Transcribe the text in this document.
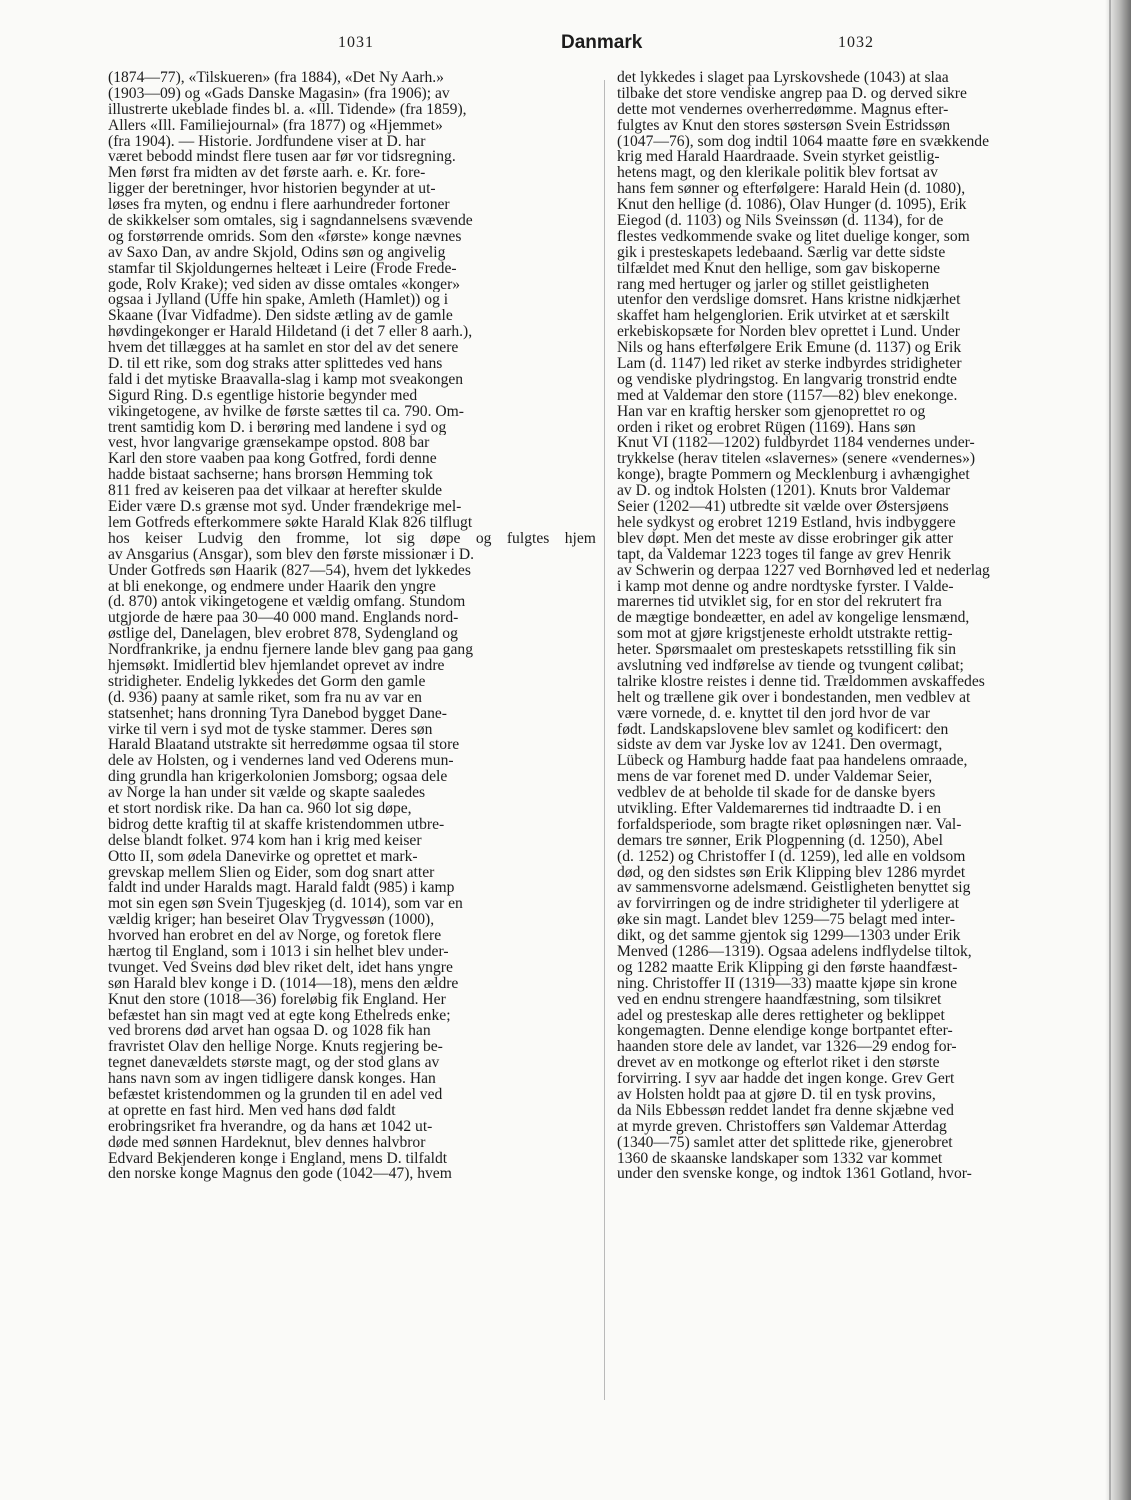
1031	Danmark	1032
(1874—77), «Tilskueren» (fra 1884), «Det Ny Aarh.»
(1903—09) og «Gads Danske Magasin» (fra 1906); av
illustrerte ukeblade findes bl. a. «Ill. Tidende» (fra 1859),
Allers «Ill. Familiejournal» (fra 1877) og «Hjemmet»
(fra 1904). — Historie. Jordfundene viser at D. har
været bebodd mindst flere tusen aar før vor tidsregning.
Men først fra midten av det første aarh. e. Kr. fore-
ligger der beretninger, hvor historien begynder at ut-
løses fra myten, og endnu i flere aarhundreder fortoner
de skikkelser som omtales, sig i sagndannelsens svævende
og forstørrende omrids. Som den «første» konge nævnes
av Saxo Dan, av andre Skjold, Odins søn og angivelig
stamfar til Skjoldungernes helteæt i Leire (Frode Frede-
gode, Rolv Krake); ved siden av disse omtales «konger»
ogsaa i Jylland (Uffe hin spake, Amleth (Hamlet)) og i
Skaane (Ivar Vidfadme). Den sidste ætling av de gamle
høvdingekonger er Harald Hildetand (i det 7 eller 8 aarh.),
hvem det tillægges at ha samlet en stor del av det senere
D. til ett rike, som dog straks atter splittedes ved hans
fald i det mytiske Braavalla-slag i kamp mot sveakongen
Sigurd Ring. D.s egentlige historie begynder med
vikingetogene, av hvilke de første sættes til ca. 790. Om-
trent samtidig kom D. i berøring med landene i syd og
vest, hvor langvarige grænsekampe opstod. 808 bar
Karl den store vaaben paa kong Gotfred, fordi denne
hadde bistaat sachserne; hans brorsøn Hemming tok
811 fred av keiseren paa det vilkaar at herefter skulde
Eider være D.s grænse mot syd. Under frændekrige mel-
lem Gotfreds efterkommere søkte Harald Klak 826 tilflugt
hos keiser Ludvig den fromme, lot sig døpe og fulgtes hjem
av Ansgarius (Ansgar), som blev den første missionær i D.
Under Gotfreds søn Haarik (827—54), hvem det lykkedes
at bli enekonge, og endmere under Haarik den yngre
(d. 870) antok vikingetogene et vældig omfang. Stundom
utgjorde de hære paa 30—40 000 mand. Englands nord-
østlige del, Danelagen, blev erobret 878, Sydengland og
Nordfrankrike, ja endnu fjernere lande blev gang paa gang
hjemsøkt. Imidlertid blev hjemlandet oprevet av indre
stridigheter. Endelig lykkedes det Gorm den gamle
(d. 936) paany at samle riket, som fra nu av var en
statsenhet; hans dronning Tyra Danebod bygget Dane-
virke til vern i syd mot de tyske stammer. Deres søn
Harald Blaatand utstrakte sit herredømme ogsaa til store
dele av Holsten, og i vendernes land ved Oderens mun-
ding grundla han krigerkolonien Jomsborg; ogsaa dele
av Norge la han under sit vælde og skapte saaledes
et stort nordisk rike. Da han ca. 960 lot sig døpe,
bidrog dette kraftig til at skaffe kristendommen utbre-
delse blandt folket. 974 kom han i krig med keiser
Otto II, som ødela Danevirke og oprettet et mark-
grevskap mellem Slien og Eider, som dog snart atter
faldt ind under Haralds magt. Harald faldt (985) i kamp
mot sin egen søn Svein Tjugeskjeg (d. 1014), som var en
vældig kriger; han beseiret Olav Trygvessøn (1000),
hvorved han erobret en del av Norge, og foretok flere
hærtog til England, som i 1013 i sin helhet blev under-
tvunget. Ved Sveins død blev riket delt, idet hans yngre
søn Harald blev konge i D. (1014—18), mens den ældre
Knut den store (1018—36) foreløbig fik England. Her
befæstet han sin magt ved at egte kong Ethelreds enke;
ved brorens død arvet han ogsaa D. og 1028 fik han
fravristet Olav den hellige Norge. Knuts regjering be-
tegnet danevældets største magt, og der stod glans av
hans navn som av ingen tidligere dansk konges. Han
befæstet kristendommen og la grunden til en adel ved
at oprette en fast hird. Men ved hans død faldt
erobringsriket fra hverandre, og da hans æt 1042 ut-
døde med sønnen Hardeknut, blev dennes halvbror
Edvard Bekjenderen konge i England, mens D. tilfaldt
den norske konge Magnus den gode (1042—47), hvem
det lykkedes i slaget paa Lyrskovshede (1043) at slaa
tilbake det store vendiske angrep paa D. og derved sikre
dette mot vendernes overherredømme. Magnus efter-
fulgtes av Knut den stores søstersøn Svein Estridssøn
(1047—76), som dog indtil 1064 maatte føre en svækkende
krig med Harald Haardraade. Svein styrket geistlig-
hetens magt, og den klerikale politik blev fortsat av
hans fem sønner og efterfølgere: Harald Hein (d. 1080),
Knut den hellige (d. 1086), Olav Hunger (d. 1095), Erik
Eiegod (d. 1103) og Nils Sveinssøn (d. 1134), for de
flestes vedkommende svake og litet duelige konger, som
gik i presteskapets ledebaand. Særlig var dette sidste
tilfældet med Knut den hellige, som gav biskoperne
rang med hertuger og jarler og stillet geistligheten
utenfor den verdslige domsret. Hans kristne nidkjærhet
skaffet ham helgenglorien. Erik utvirket at et særskilt
erkebiskopsæte for Norden blev oprettet i Lund. Under
Nils og hans efterfølgere Erik Emune (d. 1137) og Erik
Lam (d. 1147) led riket av sterke indbyrdes stridigheter
og vendiske plydringstog. En langvarig tronstrid endte
med at Valdemar den store (1157—82) blev enekonge.
Han var en kraftig hersker som gjenoprettet ro og
orden i riket og erobret Rügen (1169). Hans søn
Knut VI (1182—1202) fuldbyrdet 1184 vendernes under-
trykkelse (herav titelen «slavernes» (senere «vendernes»)
konge), bragte Pommern og Mecklenburg i avhængighet
av D. og indtok Holsten (1201). Knuts bror Valdemar
Seier (1202—41) utbredte sit vælde over Østersjøens
hele sydkyst og erobret 1219 Estland, hvis indbyggere
blev døpt. Men det meste av disse erobringer gik atter
tapt, da Valdemar 1223 toges til fange av grev Henrik
av Schwerin og derpaa 1227 ved Bornhøved led et nederlag
i kamp mot denne og andre nordtyske fyrster. I Valde-
marernes tid utviklet sig, for en stor del rekrutert fra
de mægtige bondeætter, en adel av kongelige lensmænd,
som mot at gjøre krigstjeneste erholdt utstrakte rettig-
heter. Spørsmaalet om presteskapets retsstilling fik sin
avslutning ved indførelse av tiende og tvungent cølibat;
talrike klostre reistes i denne tid. Trældommen avskaffedes
helt og trællene gik over i bondestanden, men vedblev at
være vornede, d. e. knyttet til den jord hvor de var
født. Landskapslovene blev samlet og kodificert: den
sidste av dem var Jyske lov av 1241. Den overmagt,
Lübeck og Hamburg hadde faat paa handelens omraade,
mens de var forenet med D. under Valdemar Seier,
vedblev de at beholde til skade for de danske byers
utvikling. Efter Valdemarernes tid indtraadte D. i en
forfaldsperiode, som bragte riket opløsningen nær. Val-
demars tre sønner, Erik Plogpenning (d. 1250), Abel
(d. 1252) og Christoffer I (d. 1259), led alle en voldsom
død, og den sidstes søn Erik Klipping blev 1286 myrdet
av sammensvorne adelsmænd. Geistligheten benyttet sig
av forvirringen og de indre stridigheter til yderligere at
øke sin magt. Landet blev 1259—75 belagt med inter-
dikt, og det samme gjentok sig 1299—1303 under Erik
Menved (1286—1319). Ogsaa adelens indflydelse tiltok,
og 1282 maatte Erik Klipping gi den første haandfæst-
ning. Christoffer II (1319—33) maatte kjøpe sin krone
ved en endnu strengere haandfæstning, som tilsikret
adel og presteskap alle deres rettigheter og beklippet
kongemagten. Denne elendige konge bortpantet efter-
haanden store dele av landet, var 1326—29 endog for-
drevet av en motkonge og efterlot riket i den største
forvirring. I syv aar hadde det ingen konge. Grev Gert
av Holsten holdt paa at gjøre D. til en tysk provins,
da Nils Ebbessøn reddet landet fra denne skjæbne ved
at myrde greven. Christoffers søn Valdemar Atterdag
(1340—75) samlet atter det splittede rike, gjenerobret
1360 de skaanske landskaper som 1332 var kommet
under den svenske konge, og indtok 1361 Gotland, hvor-
